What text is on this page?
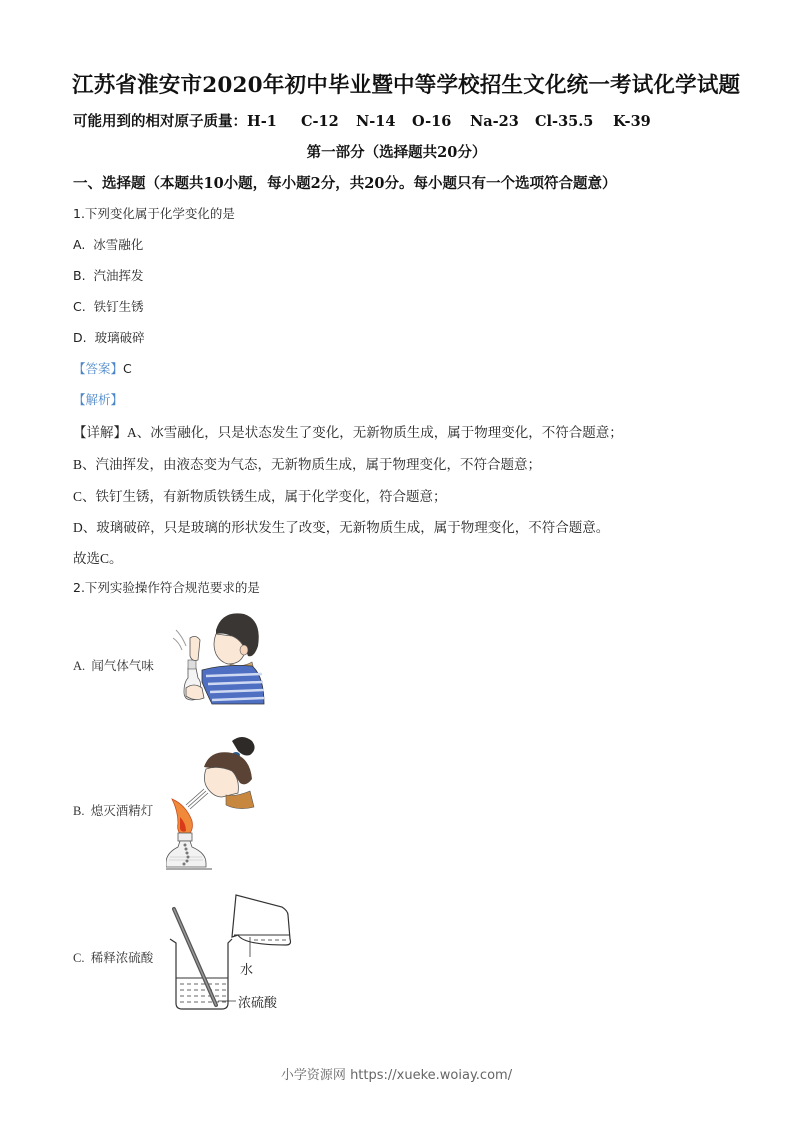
江苏省淮安市2020年初中毕业暨中等学校招生文化统一考试化学试题
可能用到的相对原子质量：H-1 C-12 N-14 O-16 Na-23 Cl-35.5 K-39
第一部分（选择题共20分）
一、选择题（本题共10小题，每小题2分，共20分。每小题只有一个选项符合题意）
1.下列变化属于化学变化的是
A. 冰雪融化
B. 汽油挥发
C. 铁钉生锈
D. 玻璃破碎
【答案】C
【解析】
【详解】A、冰雪融化，只是状态发生了变化，无新物质生成，属于物理变化，不符合题意；
B、汽油挥发，由液态变为气态，无新物质生成，属于物理变化，不符合题意；
C、铁钉生锈，有新物质铁锈生成，属于化学变化，符合题意；
D、玻璃破碎，只是玻璃的形状发生了改变，无新物质生成，属于物理变化，不符合题意。
故选C。
2.下列实验操作符合规范要求的是
A. 闻气体气味
B. 熄灭酒精灯
C. 稀释浓硫酸
水
浓硫酸
小学资源网 https://xueke.woiay.com/
